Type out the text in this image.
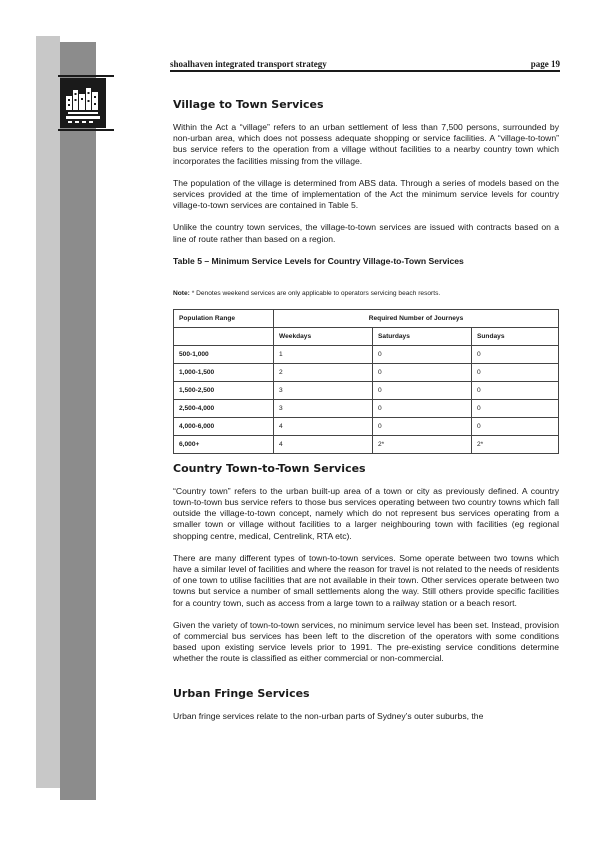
shoalhaven integrated transport strategy	page 19
Village to Town Services

Within the Act a “village” refers to an urban settlement of less than 7,500 persons, surrounded by non-urban area, which does not possess adequate shopping or service facilities. A “village-to-town” bus service refers to the operation from a village without facilities to a nearby country town which incorporates the facilities missing from the village.

The population of the village is determined from ABS data. Through a series of models based on the services provided at the time of implementation of the Act the minimum service levels for country village-to-town services are contained in Table 5.

Unlike the country town services, the village-to-town services are issued with contracts based on a line of route rather than based on a region.

Table 5 – Minimum Service Levels for Country Village-to-Town Services
Note: * Denotes weekend services are only applicable to operators servicing beach resorts.
Population Range	Required Number of Journeys		
	Weekdays	Saturdays	Sundays
500-1,000	1	0	0
1,000-1,500	2	0	0
1,500-2,500	3	0	0
2,500-4,000	3	0	0
4,000-6,000	4	0	0
6,000+	4	2*	2*
Country Town-to-Town Services

“Country town” refers to the urban built-up area of a town or city as previously defined. A country town-to-town bus service refers to those bus services operating between two country towns which fall outside the village-to-town concept, namely which do not represent bus services operating from a smaller town or village without facilities to a larger neighbouring town with facilities (eg regional shopping centre, medical, Centrelink, RTA etc).

There are many different types of town-to-town services. Some operate between two towns which have a similar level of facilities and where the reason for travel is not related to the needs of residents of one town to utilise facilities that are not available in their town. Other services operate between two towns but service a number of small settlements along the way. Still others provide specific facilities for a country town, such as access from a large town to a railway station or a beach resort.

Given the variety of town-to-town services, no minimum service level has been set. Instead, provision of commercial bus services has been left to the discretion of the operators with some conditions based upon existing service levels prior to 1991. The pre-existing service conditions determine whether the route is classified as either commercial or non-commercial.

Urban Fringe Services

Urban fringe services relate to the non-urban parts of Sydney’s outer suburbs, the
